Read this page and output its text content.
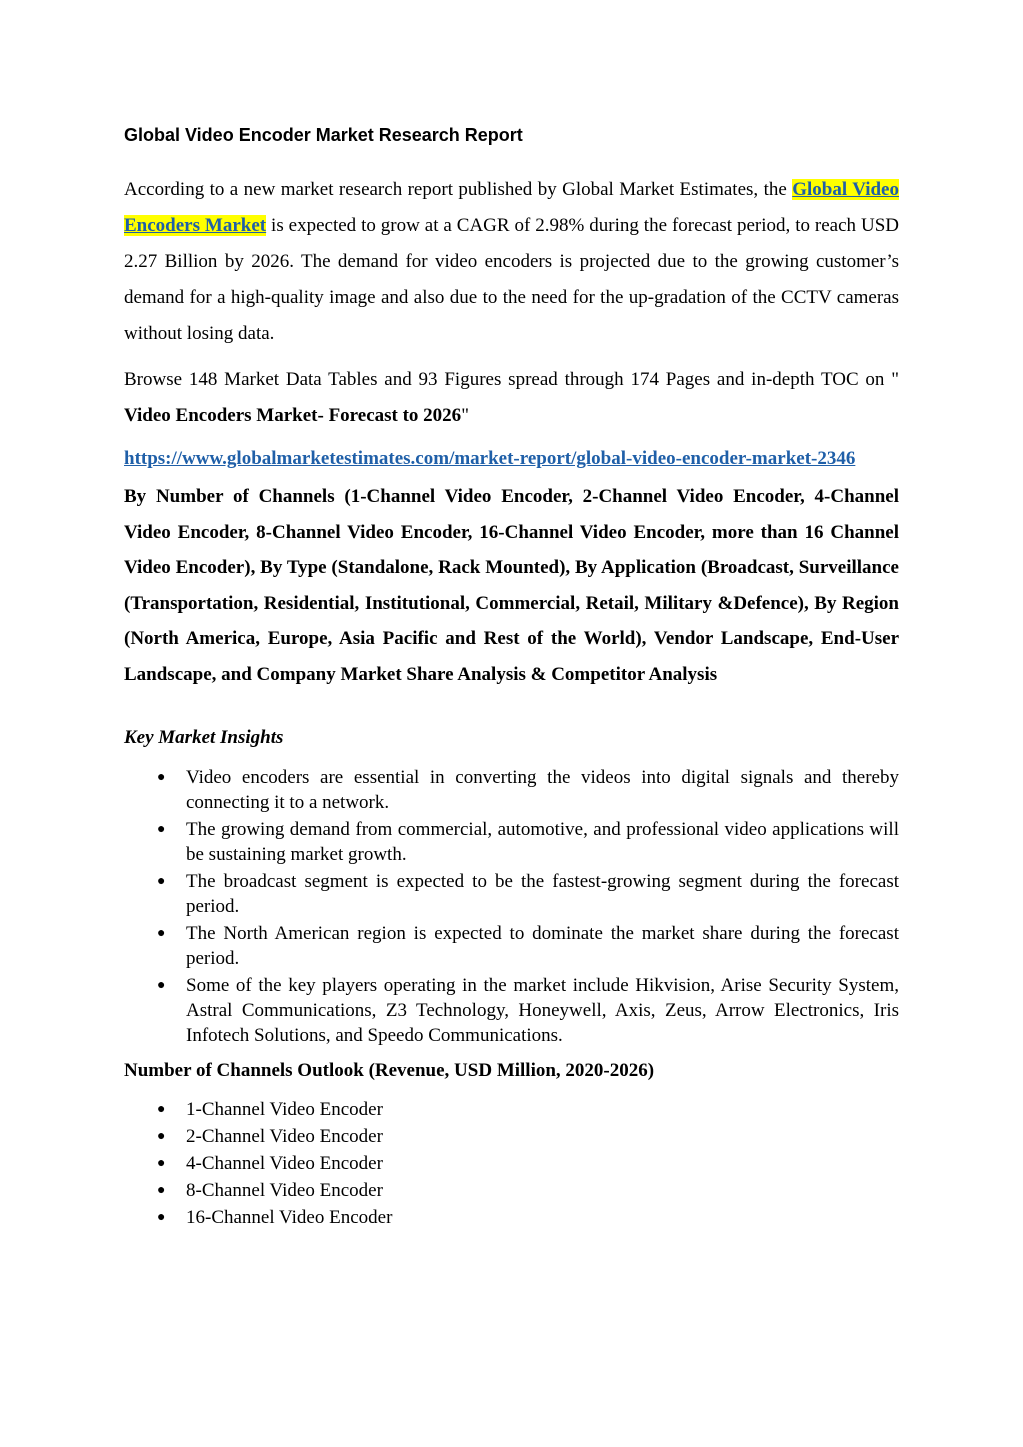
Global Video Encoder Market Research Report

According to a new market research report published by Global Market Estimates, the Global Video Encoders Market is expected to grow at a CAGR of 2.98% during the forecast period, to reach USD 2.27 Billion by 2026. The demand for video encoders is projected due to the growing customer’s demand for a high-quality image and also due to the need for the up-gradation of the CCTV cameras without losing data.

Browse 148 Market Data Tables and 93 Figures spread through 174 Pages and in-depth TOC on " Video Encoders Market- Forecast to 2026"

https://www.globalmarketestimates.com/market-report/global-video-encoder-market-2346

By Number of Channels (1-Channel Video Encoder, 2-Channel Video Encoder, 4-Channel Video Encoder, 8-Channel Video Encoder, 16-Channel Video Encoder, more than 16 Channel Video Encoder), By Type (Standalone, Rack Mounted), By Application (Broadcast, Surveillance (Transportation, Residential, Institutional, Commercial, Retail, Military &Defence), By Region (North America, Europe, Asia Pacific and Rest of the World), Vendor Landscape, End-User Landscape, and Company Market Share Analysis & Competitor Analysis

Key Market Insights
● Video encoders are essential in converting the videos into digital signals and thereby connecting it to a network.
● The growing demand from commercial, automotive, and professional video applications will be sustaining market growth.
● The broadcast segment is expected to be the fastest-growing segment during the forecast period.
● The North American region is expected to dominate the market share during the forecast period.
● Some of the key players operating in the market include Hikvision, Arise Security System, Astral Communications, Z3 Technology, Honeywell, Axis, Zeus, Arrow Electronics, Iris Infotech Solutions, and Speedo Communications.
Number of Channels Outlook (Revenue, USD Million, 2020-2026)
● 1-Channel Video Encoder
● 2-Channel Video Encoder
● 4-Channel Video Encoder
● 8-Channel Video Encoder
● 16-Channel Video Encoder
